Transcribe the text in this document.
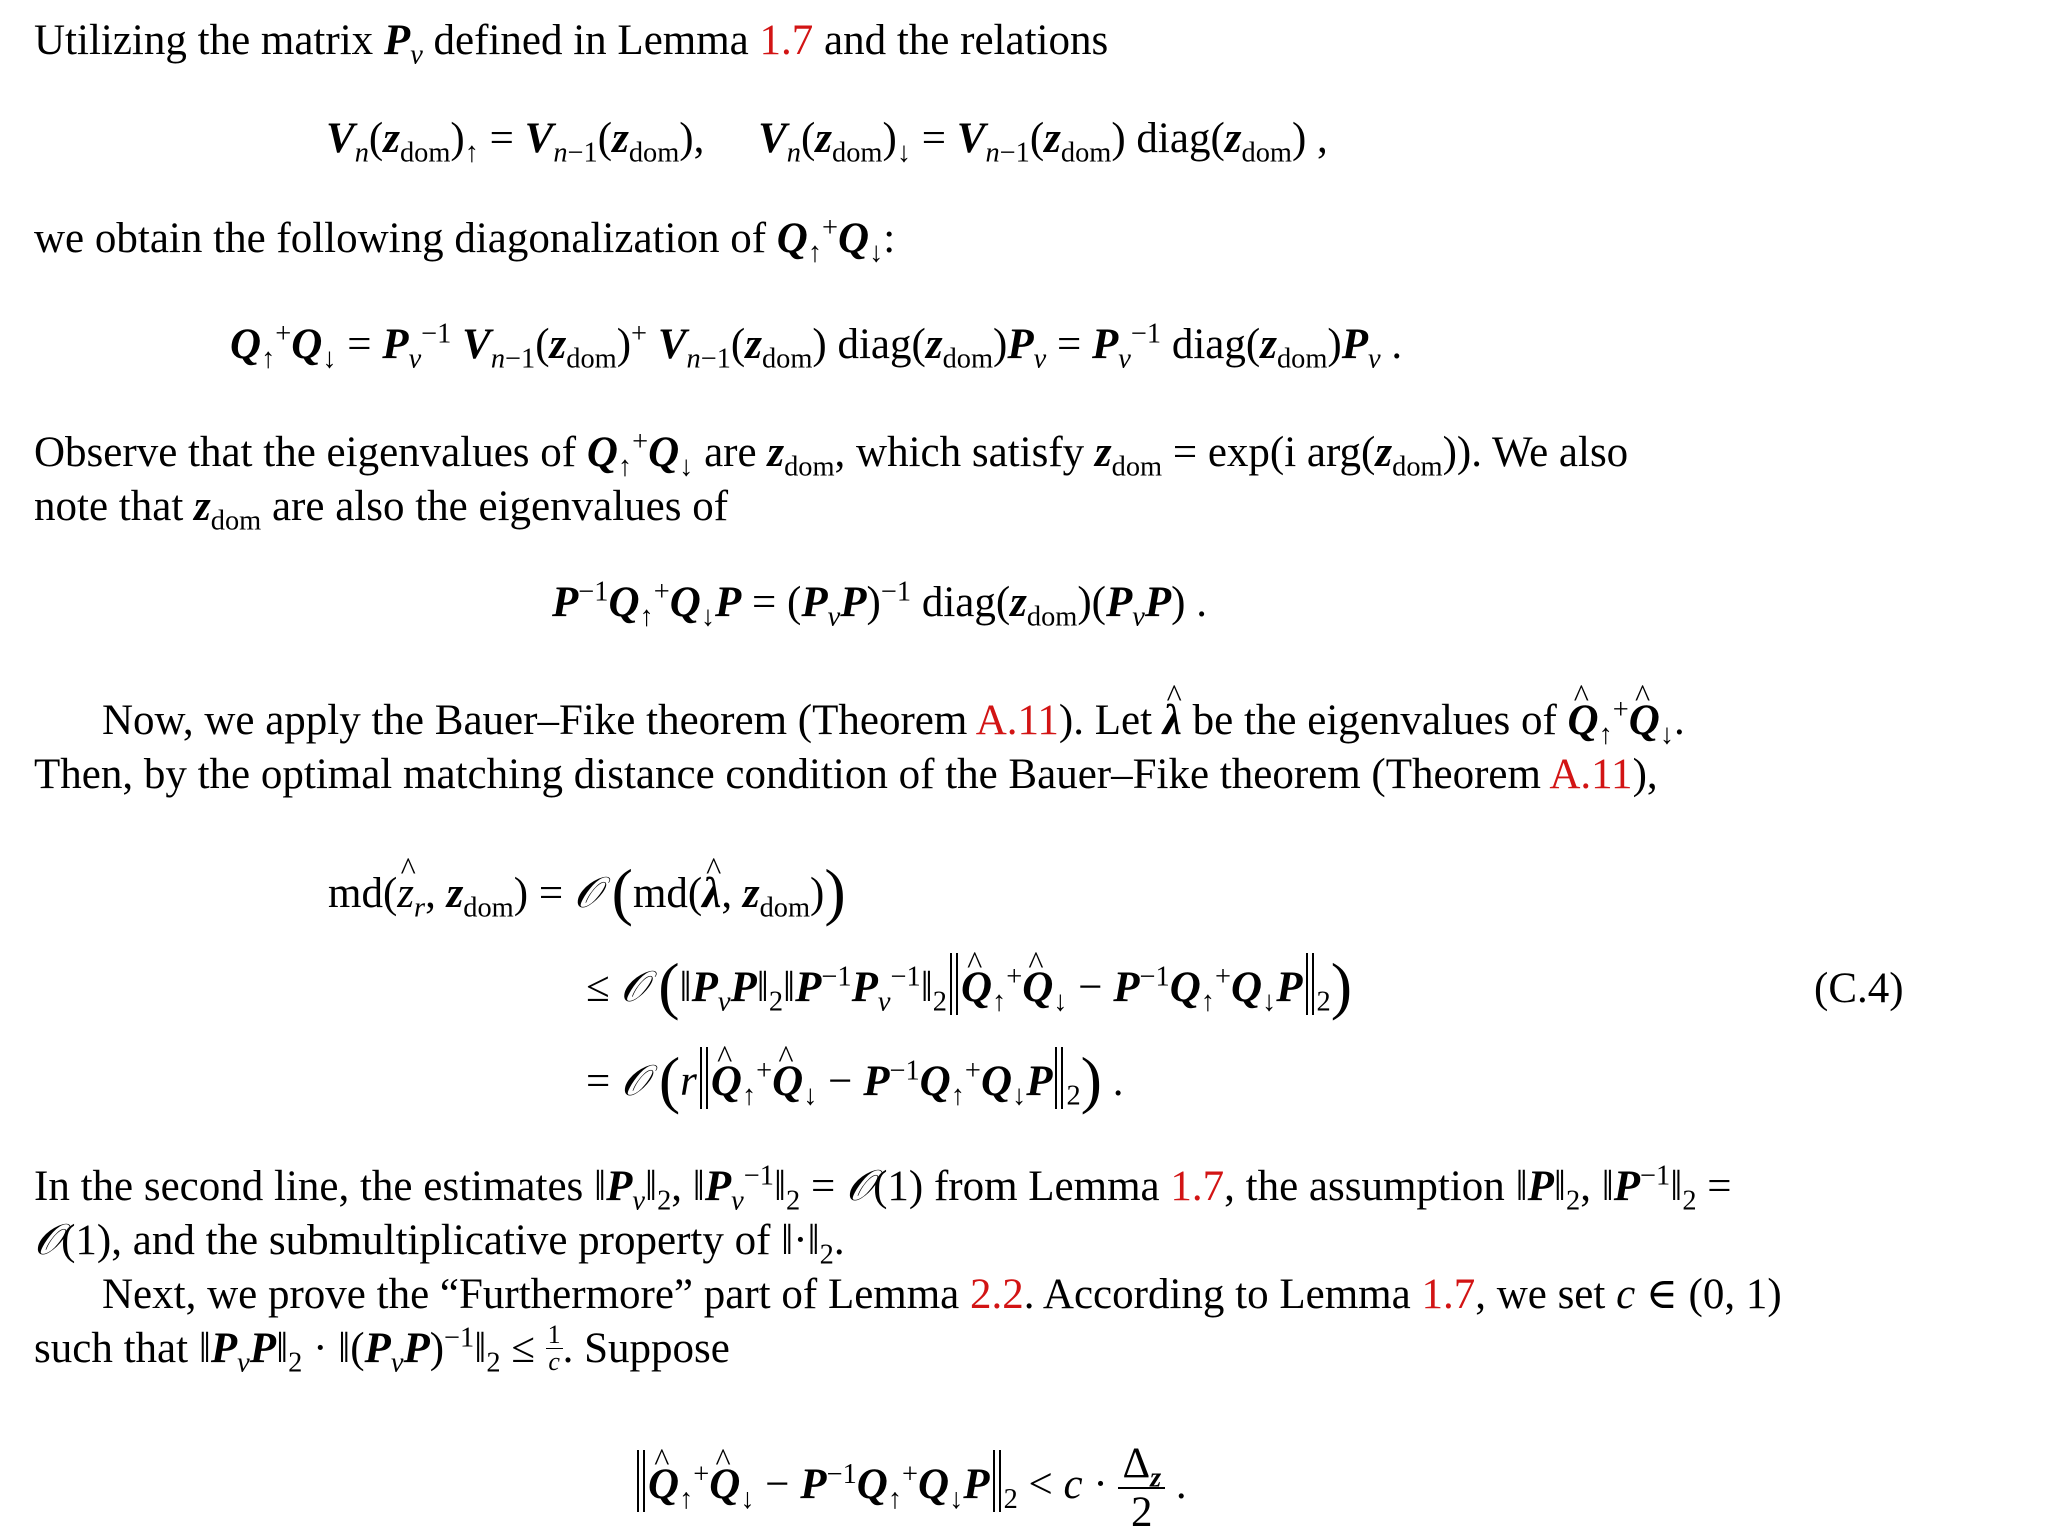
Utilizing the matrix $P_v$ defined in Lemma 1.7 and the relations
$V_n(z_{dom})_↑ = V_{n-1}(z_{dom})$,     $V_n(z_{dom})_↓ = V_{n-1}(z_{dom})$ $diag(z_{dom})$ ,
we obtain the following diagonalization of $Q_↑^+Q_↓$:
$Q_↑^+Q_↓ = P_v^{-1}$ $V_{n-1}(z_{dom})^+$ $V_{n-1}(z_{dom})$ $diag(z_{dom})P_v = P_v^{-1}$ $diag(z_{dom})P_v$ .
Observe that the eigenvalues of $Q_↑^+Q_↓$ are $z_{dom}$, which satisfy $z_{dom} = \exp(i$ $arg(z_{dom})$). We also
note that $z_{dom}$ are also the eigenvalues of
$P^{-1}Q_↑^+Q_↓P = (P_vP)^{-1}$ $diag(z_{dom})(P_vP)$ .
Now, we apply the Bauer–Fike theorem (Theorem A.11). Let ^ λ be the eigenvalues of ^ $Q_↑^+\^{}$ $Q_↓$.
Then, by the optimal matching distance condition of the Bauer–Fike theorem (Theorem A.11),
md(^ $z_r$, $z_{dom}$) = 𝒪 (md(^ λ, $z_{dom}$))
≤ 𝒪 ($‖P_vP‖_2‖P^{-1}P_v^{-1}‖_2\^{}$ $Q_↑^+\^{}$ $Q_↓ - P^{-1}Q_↑^+Q_↓P$ $_2$)	(C.4)
= 𝒪 (r^ $Q_↑^+\^{}$ $Q_↓ - P^{-1}Q_↑^+Q_↓P$ $_2$) .
In the second line, the estimates $‖P_v‖_2$, $‖P_v^{-1}‖_2$ = 𝒪(1) from Lemma 1.7, the assumption $‖P‖_2$, $‖P^{-1}‖_2$ =
𝒪(1), and the submultiplicative property of $‖\cdot‖_2$.
Next, we prove the “Furthermore” part of Lemma 2.2. According to Lemma 1.7, we set c ∈ (0, 1)
such that $‖P_vP‖_2$ · $‖(P_vP)^{-1}‖_2 \le \frac{1}{c}$ . Suppose
^ $Q_↑^+\^{}$ $Q_↓ - P^{-1}Q_↑^+Q_↓P$ $_2 < c \cdot \frac{\Delta_z}{2}$ .
